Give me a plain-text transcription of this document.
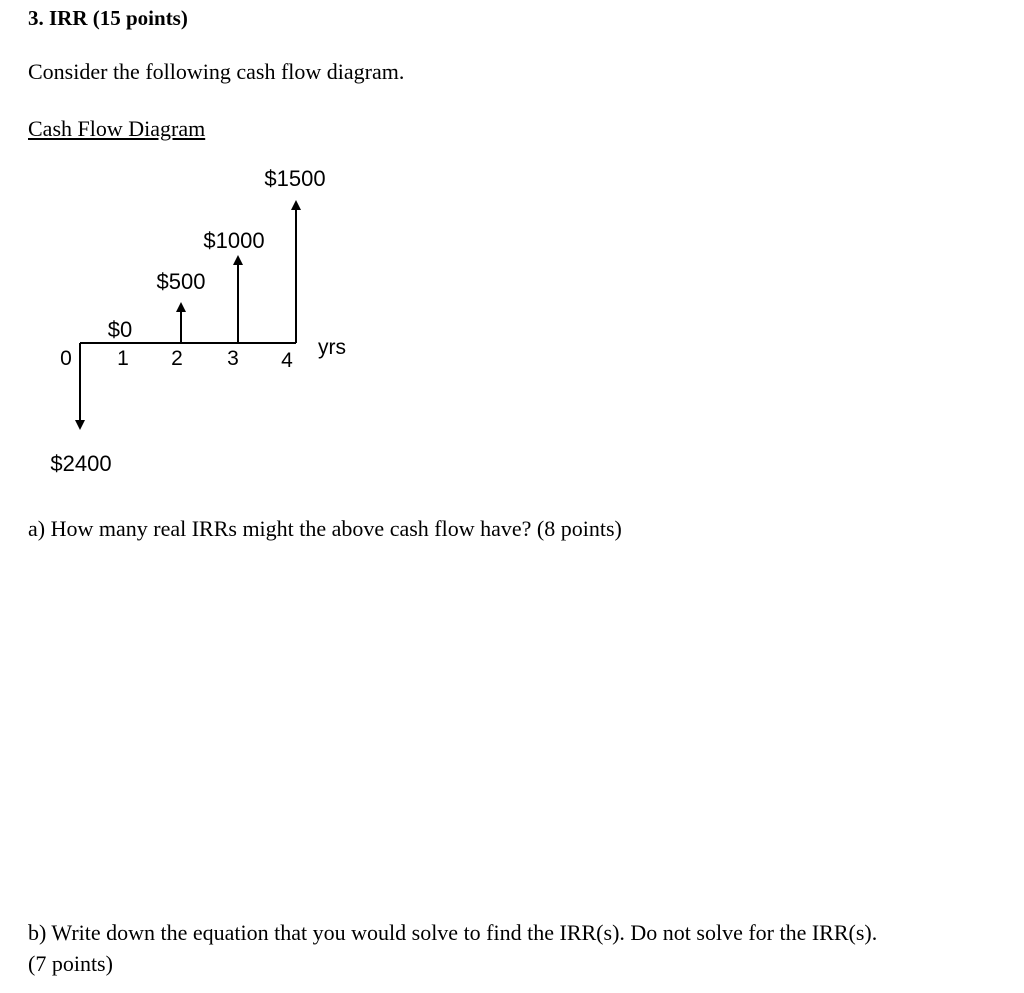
3. IRR (15 points)
Consider the following cash flow diagram.
Cash Flow Diagram
0 1 2 3 4
yrs
$2400
$0
$500
$1000
$1500
a) How many real IRRs might the above cash flow have? (8 points)
b) Write down the equation that you would solve to find the IRR(s). Do not solve for the IRR(s).
(7 points)
